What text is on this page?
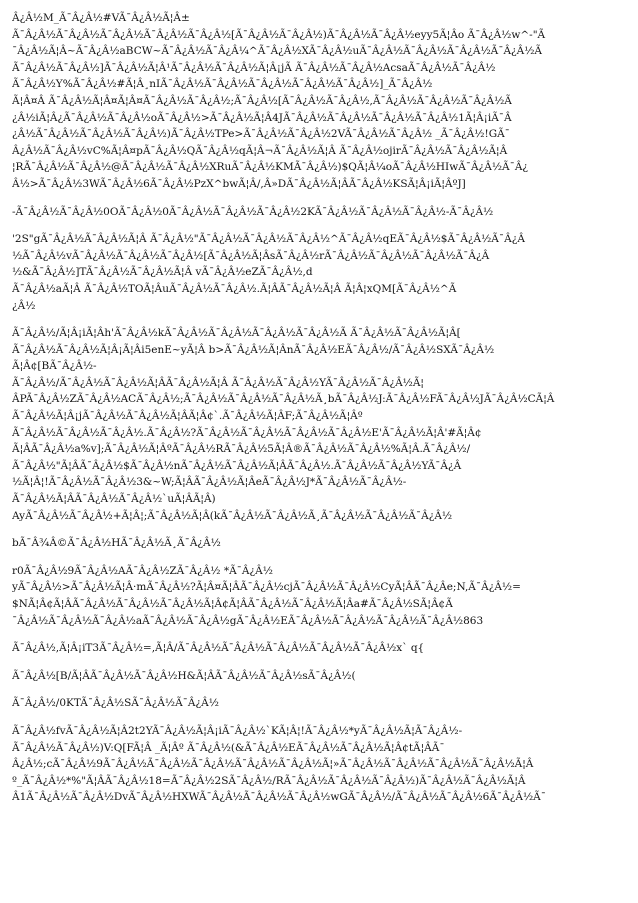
Â¿Â½M_Ã¯Â¿Â½#VÃ¯Â¿Â½Ã¦Â±
Ã¯Â¿Â½Ã¯Â¿Â½Ã¯Â¿Â½Ã¯Â¿Â½Ã¯Â¿Â½[Ã¯Â¿Â½Ã¯Â¿Â½)Ã¯Â¿Â½Ã¯Â¿Â½eyy5Ã¦Âo Ã¯Â¿Â½w^-"Ã
¯Â¿Â½Ã¦Â~Ã¯Â¿Â½aBCW~Ã¯Â¿Â½Ã¯Â¿Â¼^Ã¯Â¿Â½XÃ¯Â¿Â½uÃ¯Â¿Â½Ã¯Â¿Â½Ã¯Â¿Â½Ã¯Â¿Â½Ã
Ã¯Â¿Â½Ã¯Â¿Â½]Ã¯Â¿Â½Ã¦Â¹Ã¯Â¿Â½Ã¯Â¿Â½Ã¦Â¡jÃ Ã¯Â¿Â½Ã¯Â¿Â½AcsaÃ¯Â¿Â½Ã¯Â¿Â½
Ã¯Â¿Â½Y%Ã¯Â¿Â½#Ã¦Â¸nIÃ¯Â¿Â½Ã¯Â¿Â½Ã¯Â¿Â½Ã¯Â¿Â½Ã¯Â¿Â½]_Ã¯Â¿Â½
Ã¦Â¤Â Ã¯Â¿Â½Ã¦Â¤Ã¦Â¤Ã¯Â¿Â½Ã¯Â¿Â½;Ã¯Â¿Â½[Ã¯Â¿Â½Ã¯Â¿Â½,Ã¯Â¿Â½Ã¯Â¿Â½Ã¯Â¿Â½Ã
¿Â½iÃ¦Â¿Ã¯Â¿Â½Ã¯Â¿Â½oÃ¯Â¿Â½>Ã¯Â¿Â½Ã¦Â4JÃ¯Â¿Â½Ã¯Â¿Â½Ã¯Â¿Â½Ã¯Â¿Â½1Ã¦Â¡iÃ¯Â
¿Â½Ã¯Â¿Â½Ã¯Â¿Â½Ã¯Â¿Â½)Ã¯Â¿Â½TPe>Ã¯Â¿Â½Ã¯Â¿Â½2VÃ¯Â¿Â½Ã¯Â¿Â½ _Ã¯Â¿Â½!GÃ¯
Â¿Â½Ã¯Â¿Â½vC%Ã¦Â¤pÃ¯Â¿Â½QÃ¯Â¿Â½qÃ¦Â¬Ã¯Â¿Â½Ã¦Â Ã¯Â¿Â½ojirÃ¯Â¿Â½Ã¯Â¿Â½Ã¦Â
¦RÃ¯Â¿Â½Ã¯Â¿Â½@Ã¯Â¿Â½Ã¯Â¿Â½XRuÃ¯Â¿Â½KMÃ¯Â¿Â½)$QÃ¦Â¼oÃ¯Â¿Â½HIwÃ¯Â¿Â½Ã¯Â¿
Â½>Ã¯Â¿Â½3WÃ¯Â¿Â½6Ã¯Â¿Â½PzX^bwÃ¦Â/,Â»DÃ¯Â¿Â½Ã¦ÂÃ¯Â¿Â½KSÃ¦Â¡iÃ¦ÂºJ]
-Ã¯Â¿Â½Ã¯Â¿Â½0OÃ¯Â¿Â½0Ã¯Â¿Â½Ã¯Â¿Â½Ã¯Â¿Â½2KÃ¯Â¿Â½Ã¯Â¿Â½Ã¯Â¿Â½-Ã¯Â¿Â½
'2S"gÃ¯Â¿Â½Ã¯Â¿Â½Ã¦Â Ã¯Â¿Â½"Ã¯Â¿Â½Ã¯Â¿Â½Ã¯Â¿Â½^Ã¯Â¿Â½qEÃ¯Â¿Â½$Ã¯Â¿Â½Ã¯Â¿Â
½Ã¯Â¿Â½vÃ¯Â¿Â½Ã¯Â¿Â½Ã¯Â¿Â½[Ã¯Â¿Â½Ã¦ÂsÃ¯Â¿Â½rÃ¯Â¿Â½Ã¯Â¿Â½Ã¯Â¿Â½Ã¯Â¿Â
½&Ã¯Â¿Â½]TÃ¯Â¿Â½Ã¯Â¿Â½Ã¦Â vÃ¯Â¿Â½eZÃ¯Â¿Â½,d
Ã¯Â¿Â½aÃ¦Â Ã¯Â¿Â½TOÃ¦ÂuÃ¯Â¿Â½Ã¯Â¿Â½.Ã¦ÂÃ¯Â¿Â½Ã¦Â Ã¦Â¦xQM[Ã¯Â¿Â½^Ã
¿Â½
Ã¯Â¿Â½/Ã¦Â¡iÃ¦Âh'Ã¯Â¿Â½kÃ¯Â¿Â½Ã¯Â¿Â½Ã¯Â¿Â½Ã¯Â¿Â½Ã Ã¯Â¿Â½Ã¯Â¿Â½Ã¦Â[
Ã¯Â¿Â½Ã¯Â¿Â½Ã¦Â¡Ã¦Âi5enE~yÃ¦Â b>Ã¯Â¿Â½Ã¦ÂnÃ¯Â¿Â½EÃ¯Â¿Â½/Ã¯Â¿Â½SXÃ¯Â¿Â½
Ã¦Â¢[BÃ¯Â¿Â½-
Ã¯Â¿Â½/Ã¯Â¿Â½Ã¯Â¿Â½Ã¦ÂÃ¯Â¿Â½Ã¦Â Ã¯Â¿Â½Ã¯Â¿Â½YÃ¯Â¿Â½Ã¯Â¿Â½Ã¦
ÂPÃ¯Â¿Â½ZÃ¯Â¿Â½ACÃ¯Â¿Â½;Ã¯Â¿Â½Ã¯Â¿Â½Ã¯Â¿Â½Ã¸bÃ¯Â¿Â½J:Ã¯Â¿Â½FÃ¯Â¿Â½JÃ¯Â¿Â½CÃ¦Â
Ã¯Â¿Â½Ã¦Â¡jÃ¯Â¿Â½Ã¯Â¿Â½Ã¦ÂÃ¦Â¢`.Ã¯Â¿Â½Ã¦ÂF;Ã¯Â¿Â½Ã¦Âº
Ã¯Â¿Â½Ã¯Â¿Â½Ã¯Â¿Â½.Ã¯Â¿Â½?Ã¯Â¿Â½Ã¯Â¿Â½Ã¯Â¿Â½Ã¯Â¿Â½E'Ã¯Â¿Â½Ã¦Â'#Ã¦Â¢
Ã¦ÂÃ¯Â¿Â½a%v];Ã¯Â¿Â½Ã¦ÂºÃ¯Â¿Â½RÃ¯Â¿Â½5Ã¦Â®Ã¯Â¿Â½Ã¯Â¿Â½%Ã¦Â.Ã¯Â¿Â½/
Ã¯Â¿Â½"Ã¦ÂÃ¯Â¿Â½$Ã¯Â¿Â½nÃ¯Â¿Â½Ã¯Â¿Â½Ã¦ÂÃ¯Â¿Â½.Ã¯Â¿Â½Ã¯Â¿Â½YÃ¯Â¿Â
½Ã¦Â¦!Ã¯Â¿Â½Ã¯Â¿Â½3&~W;Ã¦ÂÃ¯Â¿Â½Ã¦ÂeÃ¯Â¿Â½J*Ã¯Â¿Â½Ã¯Â¿Â½-
Ã¯Â¿Â½Ã¦ÂÃ¯Â¿Â½Ã¯Â¿Â½`uÃ¦ÂÃ¦Â)
AyÃ¯Â¿Â½Ã¯Â¿Â½+Ã¦Â¦;Ã¯Â¿Â½Ã¦Â(kÃ¯Â¿Â½Ã¯Â¿Â½Ã¸Ã¯Â¿Â½Ã¯Â¿Â½Ã¯Â¿Â½
bÃ¯Â¾Â©Ã¯Â¿Â½HÃ¯Â¿Â½Ã¸Ã¯Â¿Â½
r0Ã¯Â¿Â½9Ã¯Â¿Â½AÃ¯Â¿Â½ZÃ¯Â¿Â½ *Ã¯Â¿Â½
yÃ¯Â¿Â½>Ã¯Â¿Â½Ã¦Â·mÃ¯Â¿Â½?Ã¦Â¤Ã¦ÂÃ¯Â¿Â½cjÃ¯Â¿Â½Ã¯Â¿Â½CyÃ¦ÂÃ¯Â¿Âe;N,Ã¯Â¿Â½=
$NÃ¦Â¢Ã¦ÂÃ¯Â¿Â½Ã¯Â¿Â½Ã¯Â¿Â½Ã¦Â¢Ã¦ÂÃ¯Â¿Â½Ã¯Â¿Â½Ã¦Âa#Ã¯Â¿Â½SÃ¦Â¢Ã
¯Â¿Â½Ã¯Â¿Â½Ã¯Â¿Â½aÃ¯Â¿Â½Ã¯Â¿Â½gÃ¯Â¿Â½EÃ¯Â¿Â½Ã¯Â¿Â½Ã¯Â¿Â½Ã¯Â¿Â½863
Ã¯Â¿Â½,Ã¦Â¡iT3Ã¯Â¿Â½=,Ã¦Â/Ã¯Â¿Â½Ã¯Â¿Â½Ã¯Â¿Â½Ã¯Â¿Â½Ã¯Â¿Â½x` q{
Ã¯Â¿Â½[B/Ã¦ÂÃ¯Â¿Â½Ã¯Â¿Â½H&Ã¦ÂÃ¯Â¿Â½Ã¯Â¿Â½sÃ¯Â¿Â½(
Ã¯Â¿Â½/0KTÃ¯Â¿Â½SÃ¯Â¿Â½Ã¯Â¿Â½
Ã¯Â¿Â½fvÃ¯Â¿Â½Ã¦Â2t2YÃ¯Â¿Â½Ã¦Â¡iÃ¯Â¿Â½`KÃ¦Â¦!Ã¯Â¿Â½*yÃ¯Â¿Â½Ã¦Ã¯Â¿Â½-
Ã¯Â¿Â½Ã¯Â¿Â½)V:Q[FÃ¦Â _Ã¦Âº Ã¯Â¿Â½(&Ã¯Â¿Â½EÃ¯Â¿Â½Ã¯Â¿Â½Ã¦Â¢tÃ¦ÂÃ¯
Â¿Â½;cÃ¯Â¿Â½9Ã¯Â¿Â½Ã¯Â¿Â½Ã¯Â¿Â½Ã¯Â¿Â½Ã¯Â¿Â½Ã¦»Ã¯Â¿Â½Ã¯Â¿Â½Ã¯Â¿Â½Ã¯Â¿Â½Ã¦Â
º_Ã¯Â¿Â½*%"Ã¦ÂÃ¯Â¿Â½18=Ã¯Â¿Â½2SÃ¯Â¿Â½/RÃ¯Â¿Â½Ã¯Â¿Â½Ã¯Â¿Â½)Ã¯Â¿Â½Ã¯Â¿Â½Ã¦Â
Â1Ã¯Â¿Â½Ã¯Â¿Â½DvÃ¯Â¿Â½HXWÃ¯Â¿Â½Ã¯Â¿Â½Ã¯Â¿Â½wGÃ¯Â¿Â½/Ã¯Â¿Â½Ã¯Â¿Â½6Ã¯Â¿Â½Ã¯
